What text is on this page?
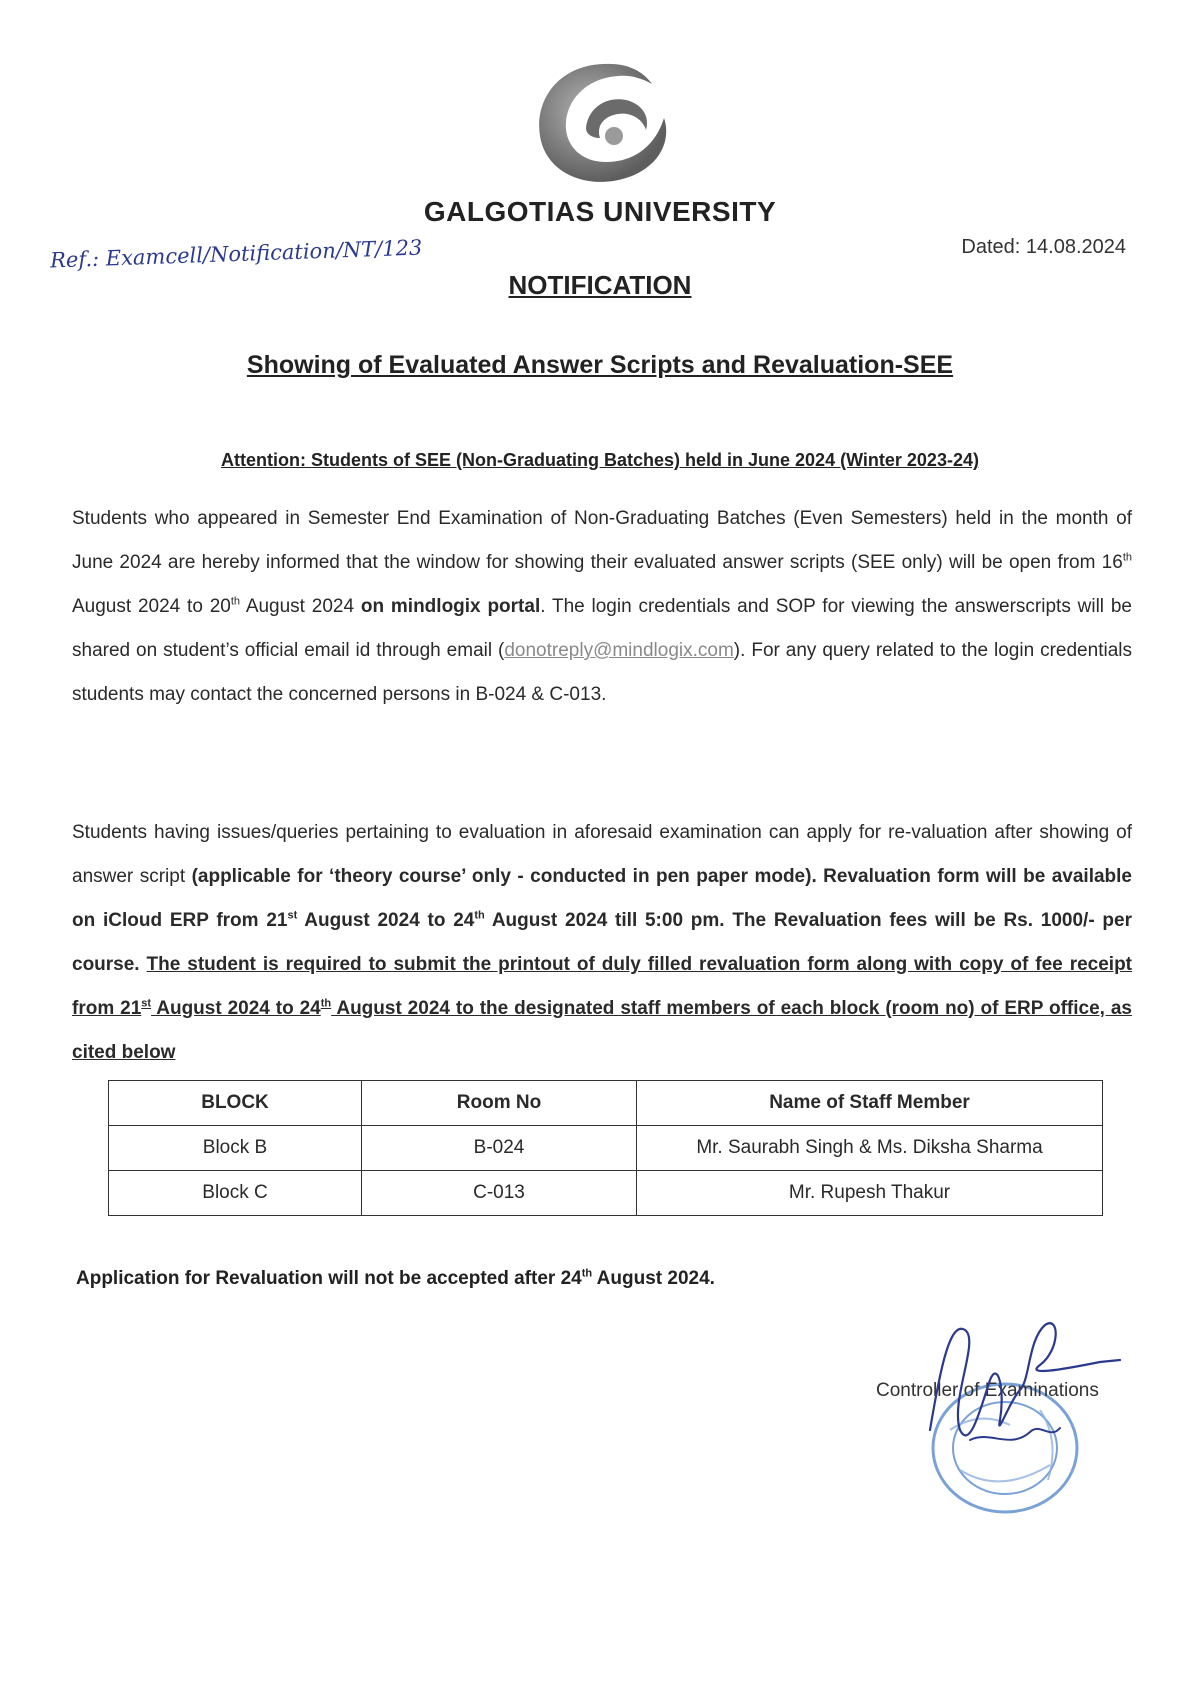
GALGOTIAS UNIVERSITY
Ref.: Examcell/Notification/NT/123	Dated: 14.08.2024
NOTIFICATION
Showing of Evaluated Answer Scripts and Revaluation-SEE
Attention: Students of SEE (Non-Graduating Batches) held in June 2024 (Winter 2023-24)
Students who appeared in Semester End Examination of Non-Graduating Batches (Even Semesters) held in the month of June 2024 are hereby informed that the window for showing their evaluated answer scripts (SEE only) will be open from 16th August 2024 to 20th August 2024 on mindlogix portal. The login credentials and SOP for viewing the answerscripts will be shared on student’s official email id through email (donotreply@mindlogix.com). For any query related to the login credentials students may contact the concerned persons in B-024 & C-013.
Students having issues/queries pertaining to evaluation in aforesaid examination can apply for re-valuation after showing of answer script (applicable for ‘theory course’ only - conducted in pen paper mode). Revaluation form will be available on iCloud ERP from 21st August 2024 to 24th August 2024 till 5:00 pm. The Revaluation fees will be Rs. 1000/- per course. The student is required to submit the printout of duly filled revaluation form along with copy of fee receipt from 21st August 2024 to 24th August 2024 to the designated staff members of each block (room no) of ERP office, as cited below
BLOCK	Room No	Name of Staff Member
Block B	B-024	Mr. Saurabh Singh & Ms. Diksha Sharma
Block C	C-013	Mr. Rupesh Thakur
Application for Revaluation will not be accepted after 24th August 2024.
Controller of Examinations
